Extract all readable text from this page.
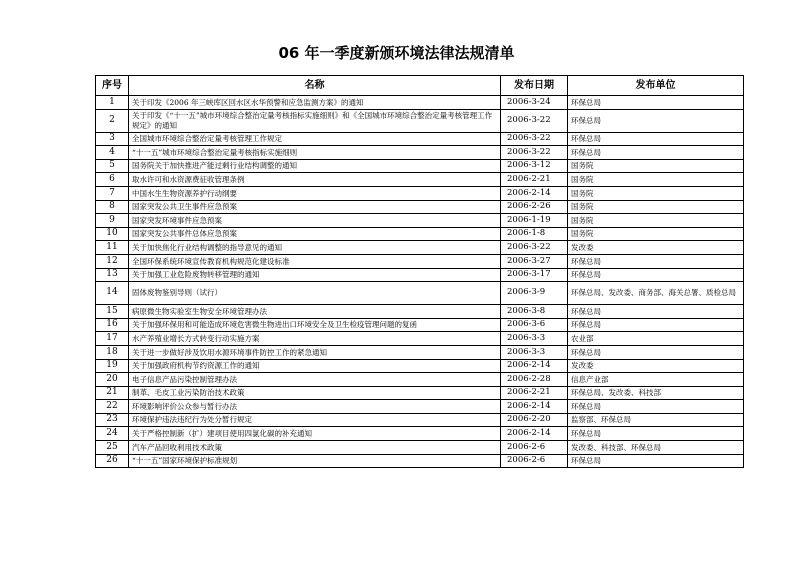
06 年一季度新颁环境法律法规清单
序号	名称	发布日期	发布单位
1	关于印发《2006 年三峡库区回水区水华预警和应急监测方案》的通知	2006-3-24	环保总局
2	关于印发《“十一五”城市环境综合整治定量考核指标实施细则》和《全国城市环境综合整治定量考核管理工作规定》的通知	2006-3-22	环保总局
3	全国城市环境综合整治定量考核管理工作规定	2006-3-22	环保总局
4	“十一五”城市环境综合整治定量考核指标实施细则	2006-3-22	环保总局
5	国务院关于加快推进产能过剩行业结构调整的通知	2006-3-12	国务院
6	取水许可和水资源费征收管理条例	2006-2-21	国务院
7	中国水生生物资源养护行动纲要	2006-2-14	国务院
8	国家突发公共卫生事件应急预案	2006-2-26	国务院
9	国家突发环境事件应急预案	2006-1-19	国务院
10	国家突发公共事件总体应急预案	2006-1-8	国务院
11	关于加快焦化行业结构调整的指导意见的通知	2006-3-22	发改委
12	全国环保系统环境宣传教育机构规范化建设标准	2006-3-27	环保总局
13	关于加强工业危险废物转移管理的通知	2006-3-17	环保总局
14	固体废物鉴别导则（试行）	2006-3-9	环保总局、发改委、商务部、海关总署、质检总局
15	病原微生物实验室生物安全环境管理办法	2006-3-8	环保总局
16	关于加强环保用和可能造成环境危害微生物进出口环境安全及卫生检疫管理问题的复函	2006-3-6	环保总局
17	水产养殖业增长方式转变行动实施方案	2006-3-3	农业部
18	关于进一步做好涉及饮用水源环境事件防控工作的紧急通知	2006-3-3	环保总局
19	关于加强政府机构节约资源工作的通知	2006-2-14	发改委
20	电子信息产品污染控制管理办法	2006-2-28	信息产业部
21	制革、毛皮工业污染防治技术政策	2006-2-21	环保总局、发改委、科技部
22	环境影响评价公众参与暂行办法	2006-2-14	环保总局
23	环境保护违法违纪行为处分暂行规定	2006-2-20	监察部、环保总局
24	关于严格控制新（扩）建项目使用四氯化碳的补充通知	2006-2-14	环保总局
25	汽车产品回收利用技术政策	2006-2-6	发改委、科技部、环保总局
26	“十一五”国家环境保护标准规划	2006-2-6	环保总局
